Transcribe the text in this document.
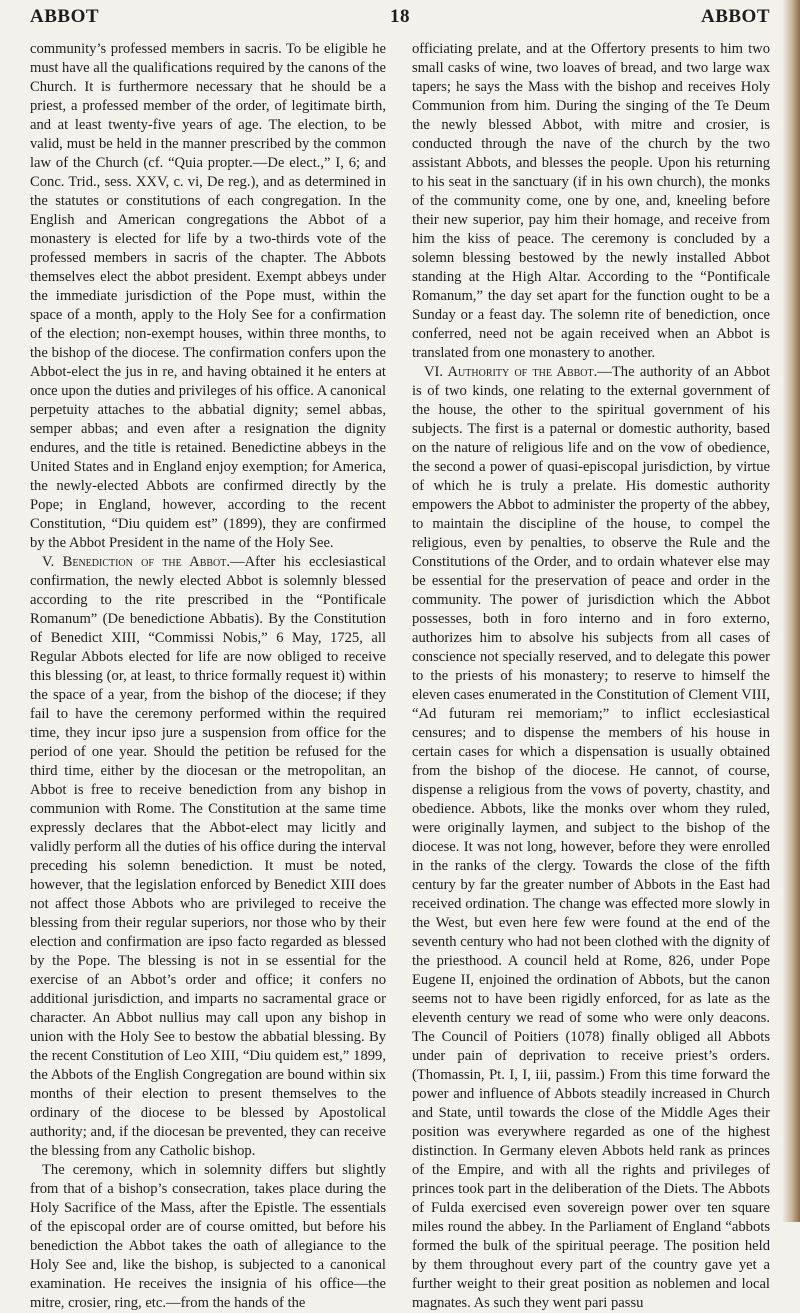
ABBOT	18	ABBOT

community’s professed members in sacris. To be eligible he must have all the qualifications required by the canons of the Church. It is furthermore necessary that he should be a priest, a professed member of the order, of legitimate birth, and at least twenty-five years of age. The election, to be valid, must be held in the manner prescribed by the common law of the Church (cf. “Quia propter.—De elect.,” I, 6; and Conc. Trid., sess. XXV, c. vi, De reg.), and as determined in the statutes or constitutions of each congregation. In the English and American congregations the Abbot of a monastery is elected for life by a two-thirds vote of the professed members in sacris of the chapter. The Abbots themselves elect the abbot president. Exempt abbeys under the immediate jurisdiction of the Pope must, within the space of a month, apply to the Holy See for a confirmation of the election; non-exempt houses, within three months, to the bishop of the diocese. The confirmation confers upon the Abbot-elect the jus in re, and having obtained it he enters at once upon the duties and privileges of his office. A canonical perpetuity attaches to the abbatial dignity; semel abbas, semper abbas; and even after a resignation the dignity endures, and the title is retained. Benedictine abbeys in the United States and in England enjoy exemption; for America, the newly-elected Abbots are confirmed directly by the Pope; in England, however, according to the recent Constitution, “Diu quidem est” (1899), they are confirmed by the Abbot President in the name of the Holy See.

V. Benediction of the Abbot.—After his ecclesiastical confirmation, the newly elected Abbot is solemnly blessed according to the rite prescribed in the “Pontificale Romanum” (De benedictione Abbatis). By the Constitution of Benedict XIII, “Commissi Nobis,” 6 May, 1725, all Regular Abbots elected for life are now obliged to receive this blessing (or, at least, to thrice formally request it) within the space of a year, from the bishop of the diocese; if they fail to have the ceremony performed within the required time, they incur ipso jure a suspension from office for the period of one year. Should the petition be refused for the third time, either by the diocesan or the metropolitan, an Abbot is free to receive benediction from any bishop in communion with Rome. The Constitution at the same time expressly declares that the Abbot-elect may licitly and validly perform all the duties of his office during the interval preceding his solemn benediction. It must be noted, however, that the legislation enforced by Benedict XIII does not affect those Abbots who are privileged to receive the blessing from their regular superiors, nor those who by their election and confirmation are ipso facto regarded as blessed by the Pope. The blessing is not in se essential for the exercise of an Abbot’s order and office; it confers no additional jurisdiction, and imparts no sacramental grace or character. An Abbot nullius may call upon any bishop in union with the Holy See to bestow the abbatial blessing. By the recent Constitution of Leo XIII, “Diu quidem est,” 1899, the Abbots of the English Congregation are bound within six months of their election to present themselves to the ordinary of the diocese to be blessed by Apostolical authority; and, if the diocesan be prevented, they can receive the blessing from any Catholic bishop.

The ceremony, which in solemnity differs but slightly from that of a bishop’s consecration, takes place during the Holy Sacrifice of the Mass, after the Epistle. The essentials of the episcopal order are of course omitted, but before his benediction the Abbot takes the oath of allegiance to the Holy See and, like the bishop, is subjected to a canonical examination. He receives the insignia of his office—the mitre, crosier, ring, etc.—from the hands of the

officiating prelate, and at the Offertory presents to him two small casks of wine, two loaves of bread, and two large wax tapers; he says the Mass with the bishop and receives Holy Communion from him. During the singing of the Te Deum the newly blessed Abbot, with mitre and crosier, is conducted through the nave of the church by the two assistant Abbots, and blesses the people. Upon his returning to his seat in the sanctuary (if in his own church), the monks of the community come, one by one, and, kneeling before their new superior, pay him their homage, and receive from him the kiss of peace. The ceremony is concluded by a solemn blessing bestowed by the newly installed Abbot standing at the High Altar. According to the “Pontificale Romanum,” the day set apart for the function ought to be a Sunday or a feast day. The solemn rite of benediction, once conferred, need not be again received when an Abbot is translated from one monastery to another.

VI. Authority of the Abbot.—The authority of an Abbot is of two kinds, one relating to the external government of the house, the other to the spiritual government of his subjects. The first is a paternal or domestic authority, based on the nature of religious life and on the vow of obedience, the second a power of quasi-episcopal jurisdiction, by virtue of which he is truly a prelate. His domestic authority empowers the Abbot to administer the property of the abbey, to maintain the discipline of the house, to compel the religious, even by penalties, to observe the Rule and the Constitutions of the Order, and to ordain whatever else may be essential for the preservation of peace and order in the community. The power of jurisdiction which the Abbot possesses, both in foro interno and in foro externo, authorizes him to absolve his subjects from all cases of conscience not specially reserved, and to delegate this power to the priests of his monastery; to reserve to himself the eleven cases enumerated in the Constitution of Clement VIII, “Ad futuram rei memoriam;” to inflict ecclesiastical censures; and to dispense the members of his house in certain cases for which a dispensation is usually obtained from the bishop of the diocese. He cannot, of course, dispense a religious from the vows of poverty, chastity, and obedience. Abbots, like the monks over whom they ruled, were originally laymen, and subject to the bishop of the diocese. It was not long, however, before they were enrolled in the ranks of the clergy. Towards the close of the fifth century by far the greater number of Abbots in the East had received ordination. The change was effected more slowly in the West, but even here few were found at the end of the seventh century who had not been clothed with the dignity of the priesthood. A council held at Rome, 826, under Pope Eugene II, enjoined the ordination of Abbots, but the canon seems not to have been rigidly enforced, for as late as the eleventh century we read of some who were only deacons. The Council of Poitiers (1078) finally obliged all Abbots under pain of deprivation to receive priest’s orders. (Thomassin, Pt. I, I, iii, passim.) From this time forward the power and influence of Abbots steadily increased in Church and State, until towards the close of the Middle Ages their position was everywhere regarded as one of the highest distinction. In Germany eleven Abbots held rank as princes of the Empire, and with all the rights and privileges of princes took part in the deliberation of the Diets. The Abbots of Fulda exercised even sovereign power over ten square miles round the abbey. In the Parliament of England “abbots formed the bulk of the spiritual peerage. The position held by them throughout every part of the country gave yet a further weight to their great position as noblemen and local magnates. As such they went pari passu
